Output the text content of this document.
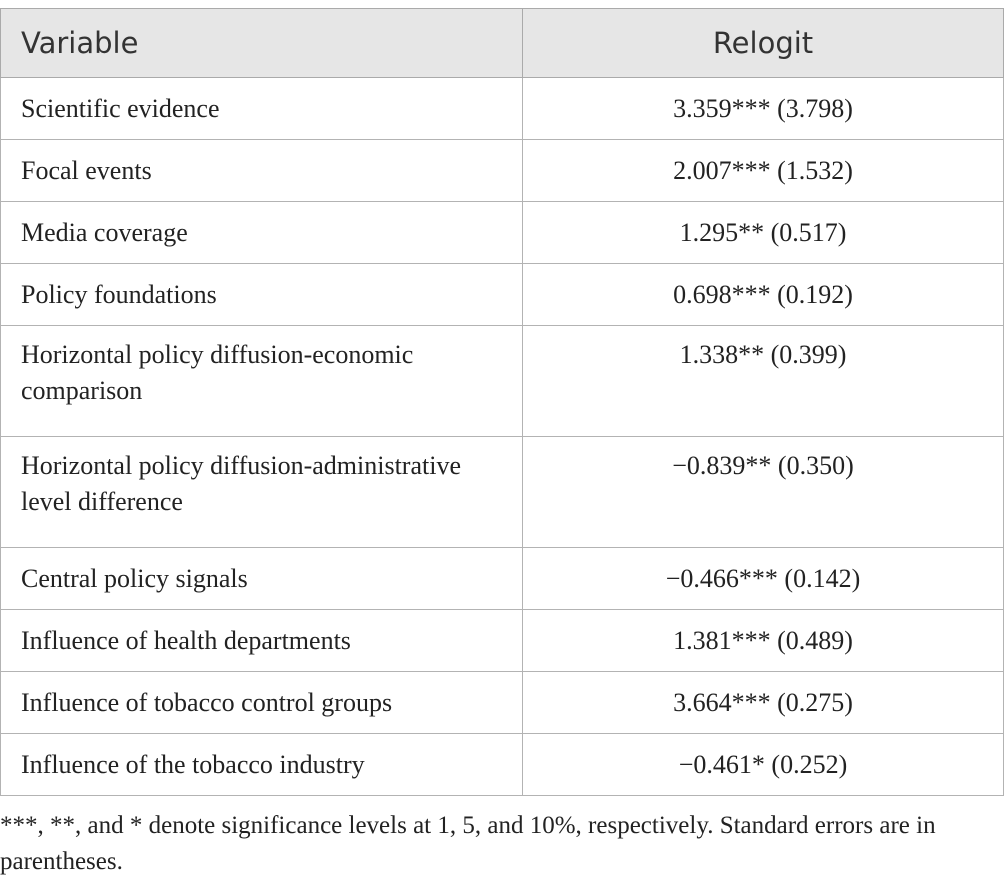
Variable	Relogit
Scientific evidence	3.359*** (3.798)
Focal events	2.007*** (1.532)
Media coverage	1.295** (0.517)
Policy foundations	0.698*** (0.192)
Horizontal policy diffusion-economic comparison	1.338** (0.399)
Horizontal policy diffusion-administrative level difference	−0.839** (0.350)
Central policy signals	−0.466*** (0.142)
Influence of health departments	1.381*** (0.489)
Influence of tobacco control groups	3.664*** (0.275)
Influence of the tobacco industry	−0.461* (0.252)

***, **, and * denote significance levels at 1, 5, and 10%, respectively. Standard errors are in parentheses.
